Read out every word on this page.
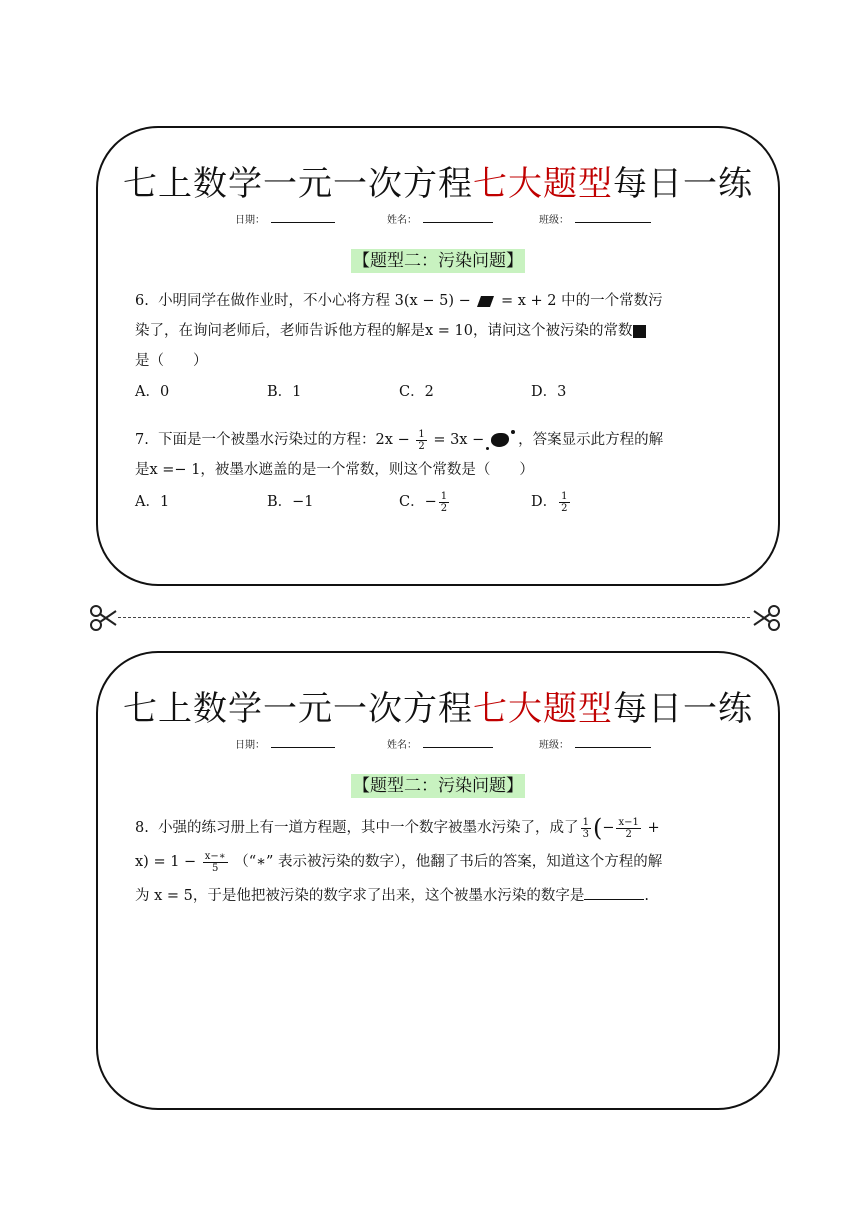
七上数学一元一次方程七大题型每日一练
日期：	姓名：	班级：
【题型二：污染问题】
6. 小明同学在做作业时，不小心将方程 3(x − 5) − = x + 2 中的一个常数污
染了，在询问老师后，老师告诉他方程的解是x = 10，请问这个被污染的常数
是（　　）
A．0	B．1	C．2	D．3
7. 下面是一个被墨水污染过的方程：$2x - \frac{1}{2} = 3x$ − ，答案显示此方程的解
是x =− 1，被墨水遮盖的是一个常数，则这个常数是（　　）
A．1	B．−1	C．− $\frac{1}{2}$	D． $\frac{1}{2}$
七上数学一元一次方程七大题型每日一练
日期：	姓名：	班级：
【题型二：污染问题】
8. 小强的练习册上有一道方程题，其中一个数字被墨水污染了，成了 $\frac{1}{3}$ (− $\frac{x-1}{2}$ +
$x) = 1 - \frac{x-∗}{5}$ （“∗” 表示被污染的数字），他翻了书后的答案，知道这个方程的解
为 x = 5，于是他把被污染的数字求了出来，这个被墨水污染的数字是	.
